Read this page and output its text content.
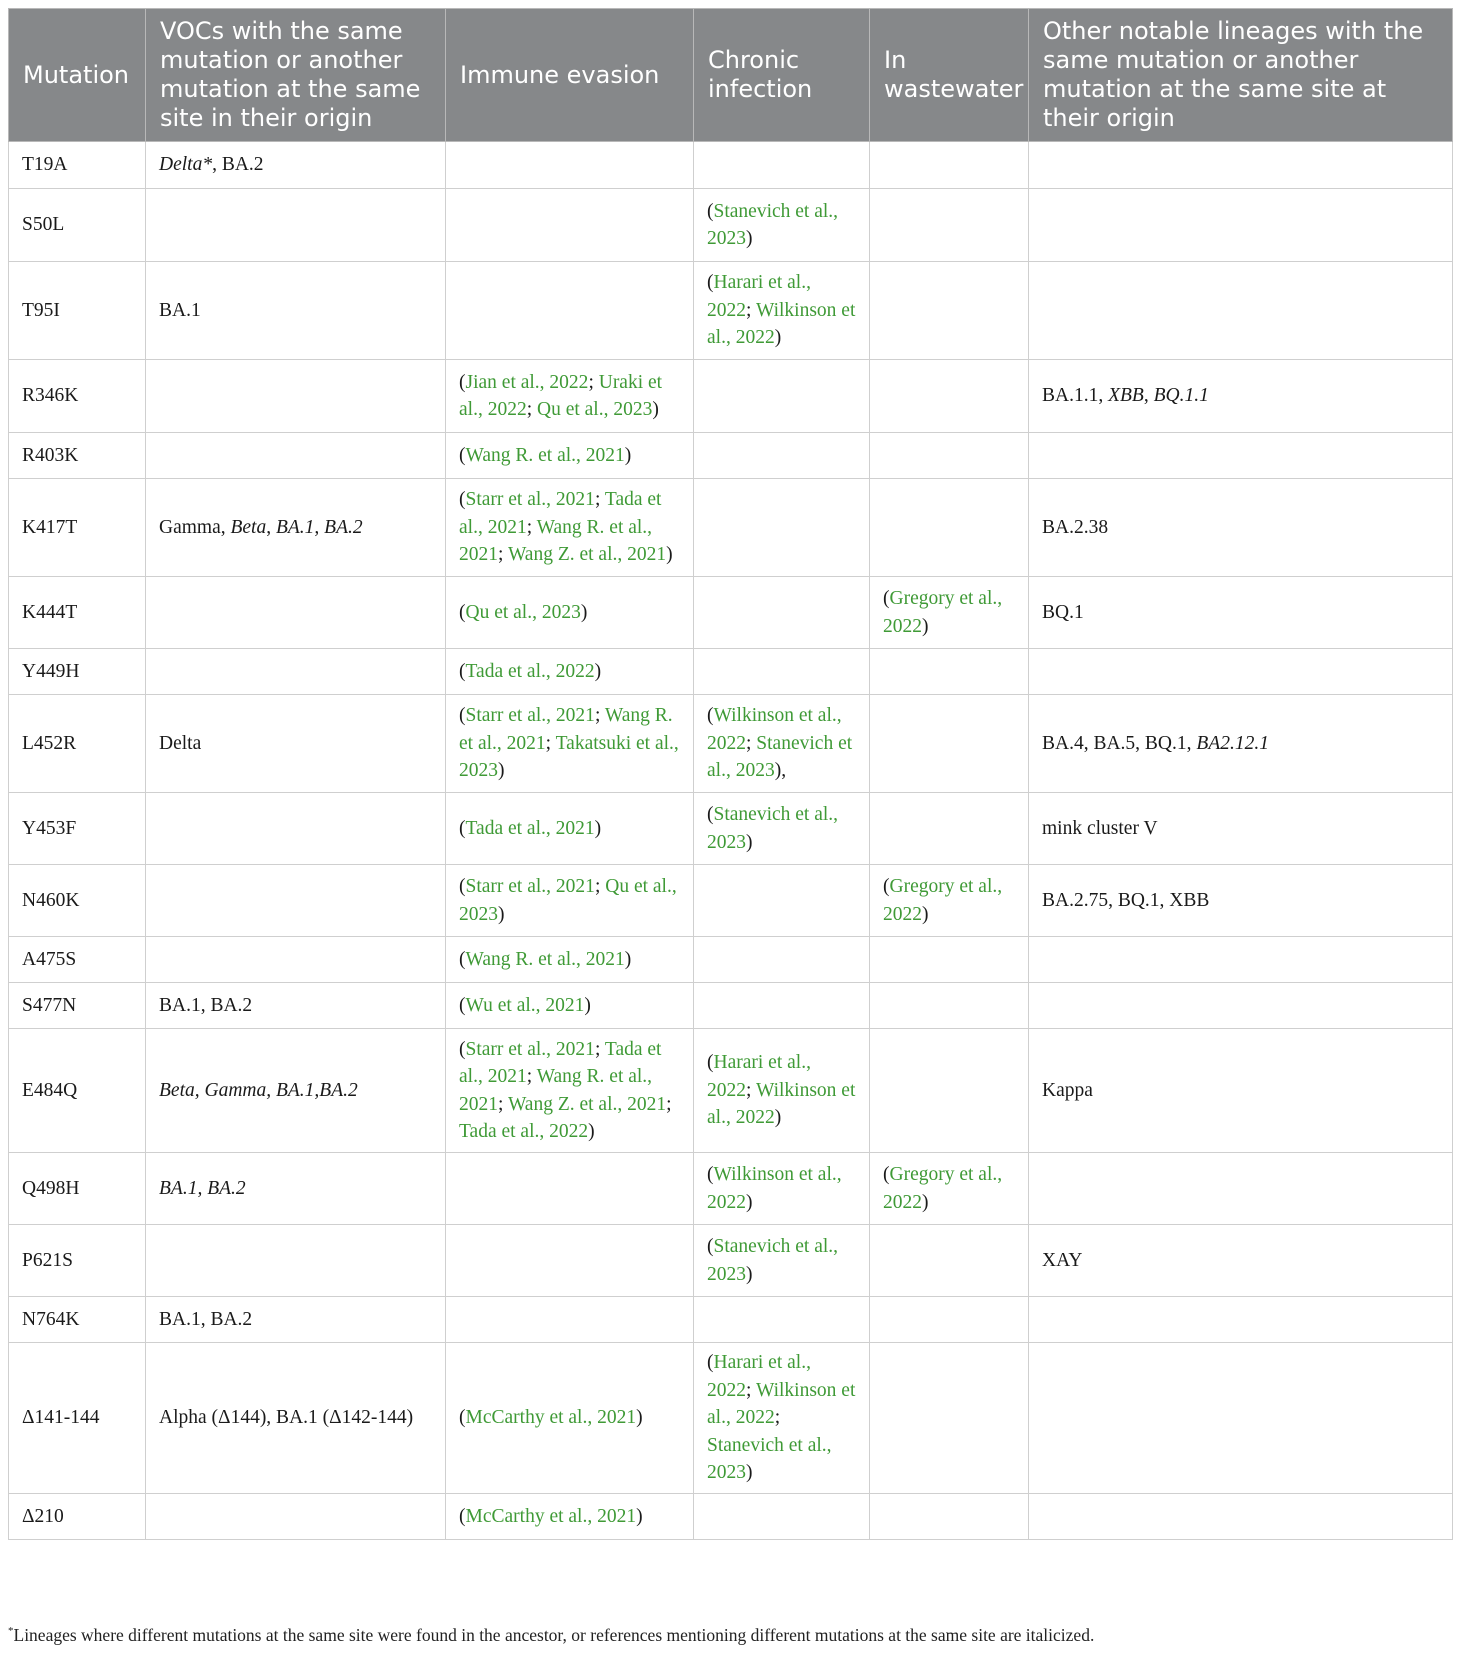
Mutation	VOCs with the same mutation or another mutation at the same site in their origin	Immune evasion	Chronic infection	In wastewater	Other notable lineages with the same mutation or another mutation at the same site at their origin
T19A	Delta*, BA.2				
S50L			(Stanevich et al., 2023)		
T95I	BA.1		(Harari et al., 2022; Wilkinson et al., 2022)		
R346K		(Jian et al., 2022; Uraki et al., 2022; Qu et al., 2023)			BA.1.1, XBB, BQ.1.1
R403K		(Wang R. et al., 2021)			
K417T	Gamma, Beta, BA.1, BA.2	(Starr et al., 2021; Tada et al., 2021; Wang R. et al., 2021; Wang Z. et al., 2021)			BA.2.38
K444T		(Qu et al., 2023)		(Gregory et al., 2022)	BQ.1
Y449H		(Tada et al., 2022)			
L452R	Delta	(Starr et al., 2021; Wang R. et al., 2021; Takatsuki et al., 2023)	(Wilkinson et al., 2022; Stanevich et al., 2023),		BA.4, BA.5, BQ.1, BA2.12.1
Y453F		(Tada et al., 2021)	(Stanevich et al., 2023)		mink cluster V
N460K		(Starr et al., 2021; Qu et al., 2023)		(Gregory et al., 2022)	BA.2.75, BQ.1, XBB
A475S		(Wang R. et al., 2021)			
S477N	BA.1, BA.2	(Wu et al., 2021)			
E484Q	Beta, Gamma, BA.1,BA.2	(Starr et al., 2021; Tada et al., 2021; Wang R. et al., 2021; Wang Z. et al., 2021; Tada et al., 2022)	(Harari et al., 2022; Wilkinson et al., 2022)		Kappa
Q498H	BA.1, BA.2		(Wilkinson et al., 2022)	(Gregory et al., 2022)	
P621S			(Stanevich et al., 2023)		XAY
N764K	BA.1, BA.2				
Δ141-144	Alpha (Δ144), BA.1 (Δ142-144)	(McCarthy et al., 2021)	(Harari et al., 2022; Wilkinson et al., 2022; Stanevich et al., 2023)		
Δ210		(McCarthy et al., 2021)			
*Lineages where different mutations at the same site were found in the ancestor, or references mentioning different mutations at the same site are italicized.
